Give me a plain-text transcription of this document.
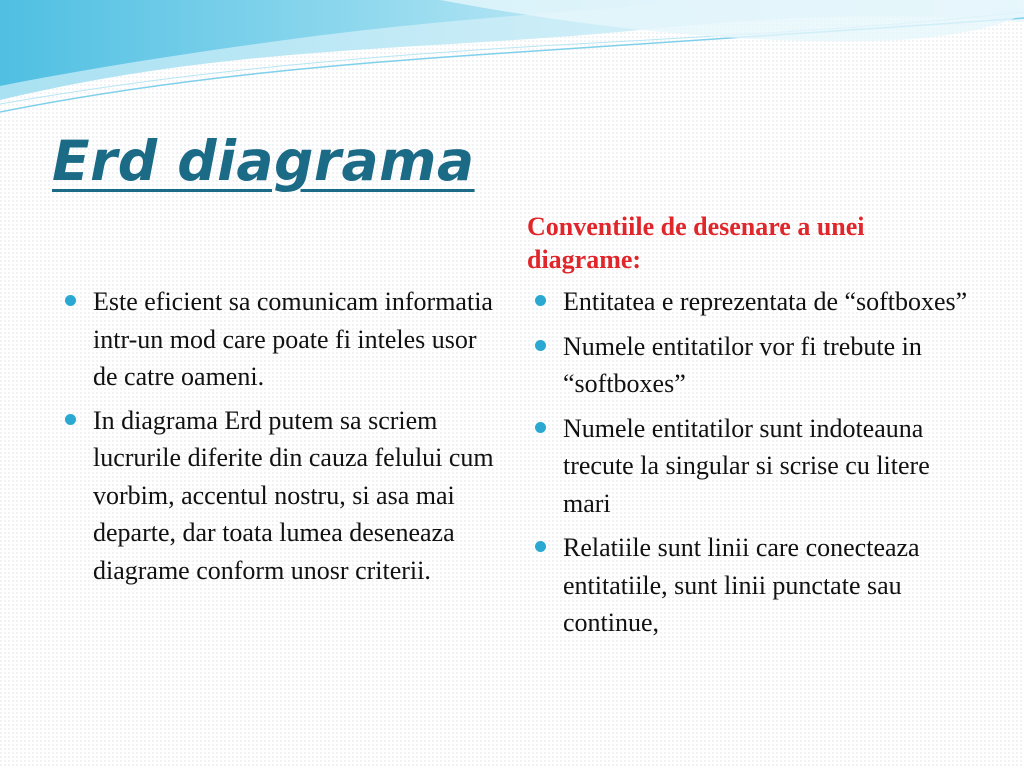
Erd diagrama
Conventiile de desenare a unei diagrame:
Este eficient sa comunicam informatia intr-un mod care poate fi inteles usor de catre oameni.
In diagrama Erd putem sa scriem lucrurile diferite din cauza felului cum vorbim, accentul nostru, si asa mai departe, dar toata lumea deseneaza diagrame conform unosr criterii.
Entitatea e reprezentata de “softboxes”
Numele entitatilor vor fi trebute in “softboxes”
Numele entitatilor sunt indoteauna trecute la singular si scrise cu litere mari
Relatiile sunt linii care conecteaza entitatiile, sunt linii punctate sau continue,
